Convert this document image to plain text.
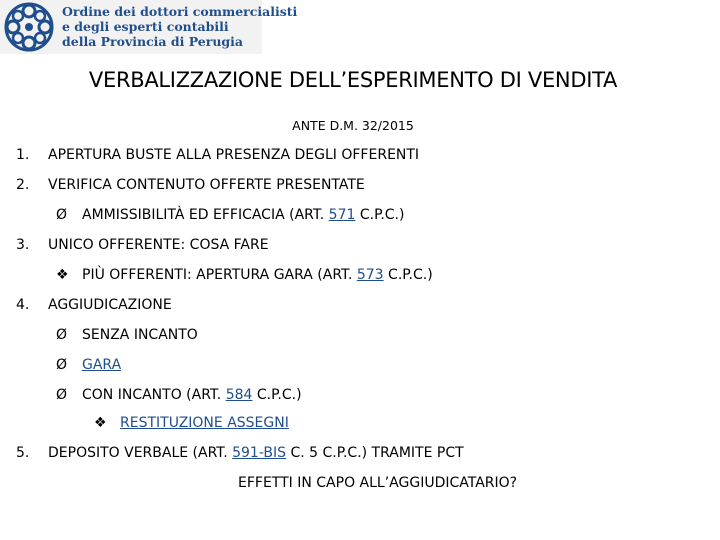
Ordine dei dottori commercialisti
e degli esperti contabili
della Provincia di Perugia
VERBALIZZAZIONE DELL’ESPERIMENTO DI VENDITA
ANTE D.M. 32/2015
1. APERTURA BUSTE ALLA PRESENZA DEGLI OFFERENTI
2. VERIFICA CONTENUTO OFFERTE PRESENTATE
Ø AMMISSIBILITÀ ED EFFICACIA (ART. 571 C.P.C.)
3. UNICO OFFERENTE: COSA FARE
❖ PIÙ OFFERENTI: APERTURA GARA (ART. 573 C.P.C.)
4. AGGIUDICAZIONE
Ø SENZA INCANTO
Ø GARA
Ø CON INCANTO (ART. 584 C.P.C.)
❖ RESTITUZIONE ASSEGNI
5. DEPOSITO VERBALE (ART. 591-BIS C. 5 C.P.C.) TRAMITE PCT
EFFETTI IN CAPO ALL’AGGIUDICATARIO?
